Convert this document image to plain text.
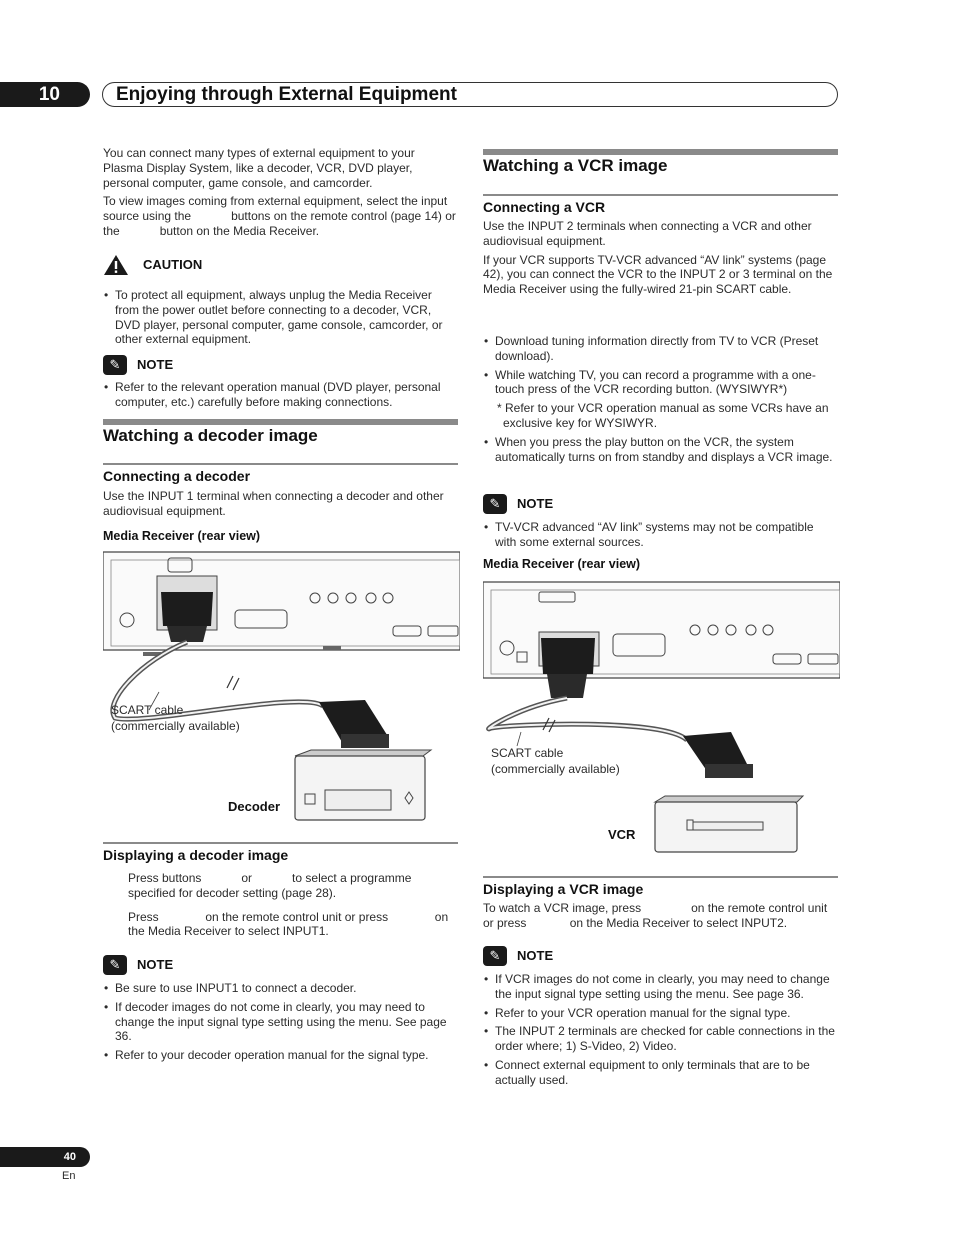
10	Enjoying through External Equipment

You can connect many types of external equipment to your Plasma Display System, like a decoder, VCR, DVD player, personal computer, game console, and camcorder.

To view images coming from external equipment, select the input source using the            buttons on the remote control (page 14) or the            button on the Media Receiver.

CAUTION
• To protect all equipment, always unplug the Media Receiver from the power outlet before connecting to a decoder, VCR, DVD player, personal computer, game console, camcorder, or other external equipment.
✎	NOTE
• Refer to the relevant operation manual (DVD player, personal computer, etc.) carefully before making connections.
Watching a decoder image
Connecting a decoder
Use the INPUT 1 terminal when connecting a decoder and other audiovisual equipment.
Media Receiver (rear view)
SCART cable
(commercially available)
Decoder
Displaying a decoder image

Press buttons            or            to select a programme specified for decoder setting (page 28).

Press              on the remote control unit or press              on the Media Receiver to select INPUT1.

✎	NOTE
• Be sure to use INPUT1 to connect a decoder.
• If decoder images do not come in clearly, you may need to change the input signal type setting using the menu. See page 36.
• Refer to your decoder operation manual for the signal type.
Watching a VCR image
Connecting a VCR

Use the INPUT 2 terminals when connecting a VCR and other audiovisual equipment.

If your VCR supports TV-VCR advanced “AV link” systems (page 42), you can connect the VCR to the INPUT 2 or 3 terminal on the Media Receiver using the fully-wired 21-pin SCART cable.

• Download tuning information directly from TV to VCR (Preset download).
• While watching TV, you can record a programme with a one-touch press of the VCR recording button. (WYSIWYR*)
* Refer to your VCR operation manual as some VCRs have an exclusive key for WYSIWYR.
• When you press the play button on the VCR, the system automatically turns on from standby and displays a VCR image.
✎	NOTE
• TV-VCR advanced “AV link” systems may not be compatible with some external sources.
Media Receiver (rear view)
SCART cable
(commercially available)
VCR
Displaying a VCR image
To watch a VCR image, press               on the remote control unit or press             on the Media Receiver to select INPUT2.
✎	NOTE
• If VCR images do not come in clearly, you may need to change the input signal type setting using the menu. See page 36.
• Refer to your VCR operation manual for the signal type.
• The INPUT 2 terminals are checked for cable connections in the order where; 1) S-Video, 2) Video.
• Connect external equipment to only terminals that are to be actually used.
40
En
